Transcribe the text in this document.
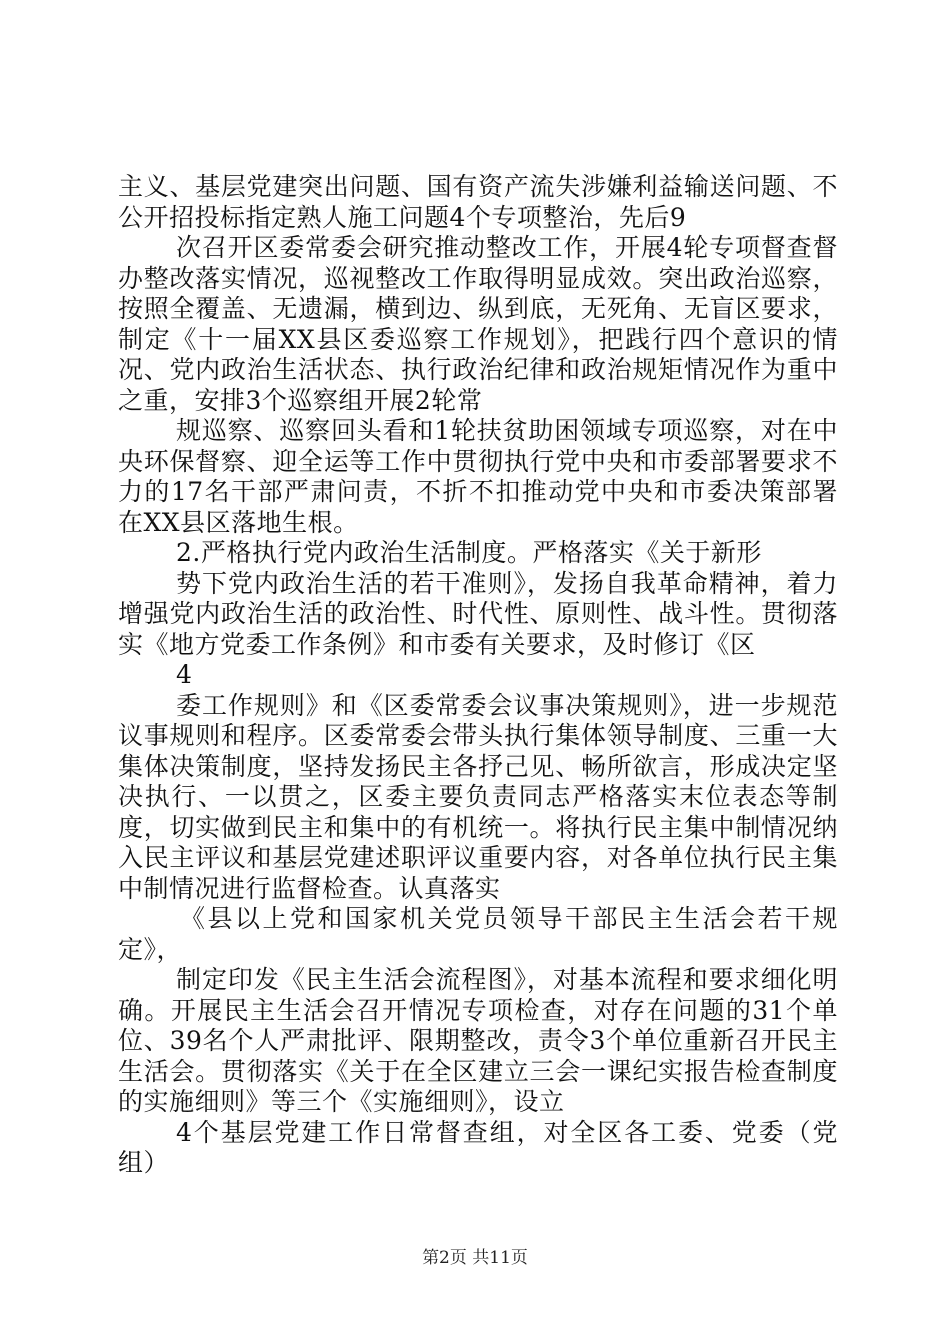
主义、基层党建突出问题、国有资产流失涉嫌利益输送问题、不公开招投标指定熟人施工问题4个专项整治，先后9

次召开区委常委会研究推动整改工作，开展4轮专项督查督办整改落实情况，巡视整改工作取得明显成效。突出政治巡察，按照全覆盖、无遗漏，横到边、纵到底，无死角、无盲区要求，制定《十一届XX县区委巡察工作规划》，把践行四个意识的情况、党内政治生活状态、执行政治纪律和政治规矩情况作为重中之重，安排3个巡察组开展2轮常

规巡察、巡察回头看和1轮扶贫助困领域专项巡察，对在中央环保督察、迎全运等工作中贯彻执行党中央和市委部署要求不力的17名干部严肃问责，不折不扣推动党中央和市委决策部署在XX县区落地生根。

2.严格执行党内政治生活制度。严格落实《关于新形

势下党内政治生活的若干准则》，发扬自我革命精神，着力增强党内政治生活的政治性、时代性、原则性、战斗性。贯彻落实《地方党委工作条例》和市委有关要求，及时修订《区

4

委工作规则》和《区委常委会议事决策规则》，进一步规范议事规则和程序。区委常委会带头执行集体领导制度、三重一大集体决策制度，坚持发扬民主各抒己见、畅所欲言，形成决定坚决执行、一以贯之，区委主要负责同志严格落实末位表态等制度，切实做到民主和集中的有机统一。将执行民主集中制情况纳入民主评议和基层党建述职评议重要内容，对各单位执行民主集中制情况进行监督检查。认真落实

《县以上党和国家机关党员领导干部民主生活会若干规定》，

制定印发《民主生活会流程图》，对基本流程和要求细化明确。开展民主生活会召开情况专项检查，对存在问题的31个单位、39名个人严肃批评、限期整改，责令3个单位重新召开民主生活会。贯彻落实《关于在全区建立三会一课纪实报告检查制度的实施细则》等三个《实施细则》，设立

4个基层党建工作日常督查组，对全区各工委、党委（党组）

第2页 共11页
